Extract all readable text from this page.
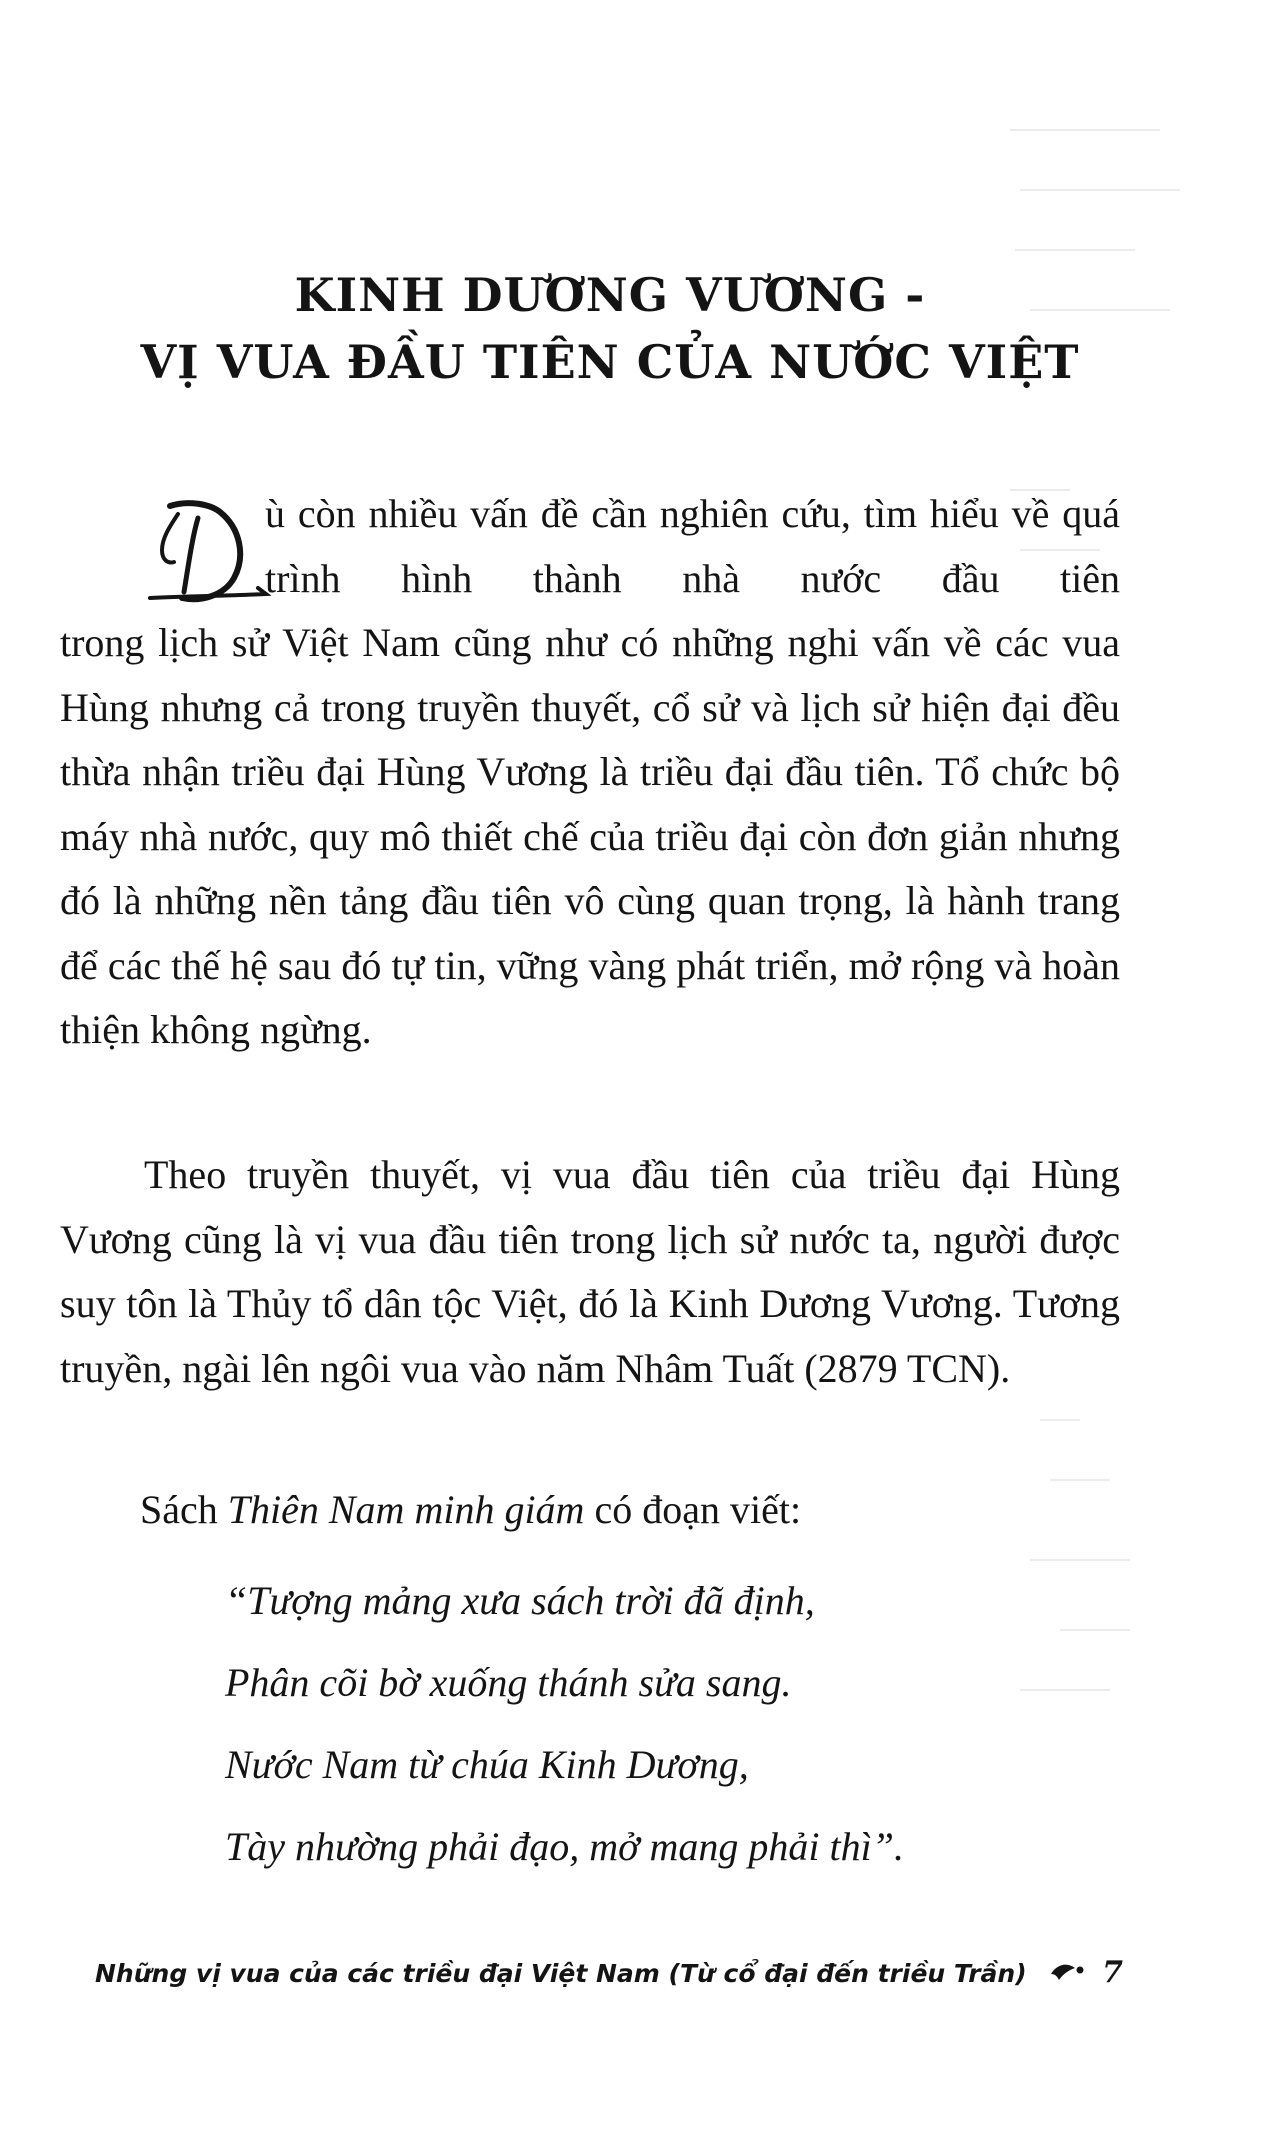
KINH DƯƠNG VƯƠNG -
VỊ VUA ĐẦU TIÊN CỦA NƯỚC VIỆT
ù còn nhiều vấn đề cần nghiên cứu, tìm hiểu về quá trình hình thành nhà nước đầu tiên
trong lịch sử Việt Nam cũng như có những nghi vấn về các vua Hùng nhưng cả trong truyền thuyết, cổ sử và lịch sử hiện đại đều thừa nhận triều đại Hùng Vương là triều đại đầu tiên. Tổ chức bộ máy nhà nước, quy mô thiết chế của triều đại còn đơn giản nhưng đó là những nền tảng đầu tiên vô cùng quan trọng, là hành trang để các thế hệ sau đó tự tin, vững vàng phát triển, mở rộng và hoàn thiện không ngừng.
Theo truyền thuyết, vị vua đầu tiên của triều đại Hùng Vương cũng là vị vua đầu tiên trong lịch sử nước ta, người được suy tôn là Thủy tổ dân tộc Việt, đó là Kinh Dương Vương. Tương truyền, ngài lên ngôi vua vào năm Nhâm Tuất (2879 TCN).
Sách Thiên Nam minh giám có đoạn viết:
“Tượng mảng xưa sách trời đã định,
Phân cõi bờ xuống thánh sửa sang.
Nước Nam từ chúa Kinh Dương,
Tày nhường phải đạo, mở mang phải thì”.
Những vị vua của các triều đại Việt Nam (Từ cổ đại đến triều Trần)	7
